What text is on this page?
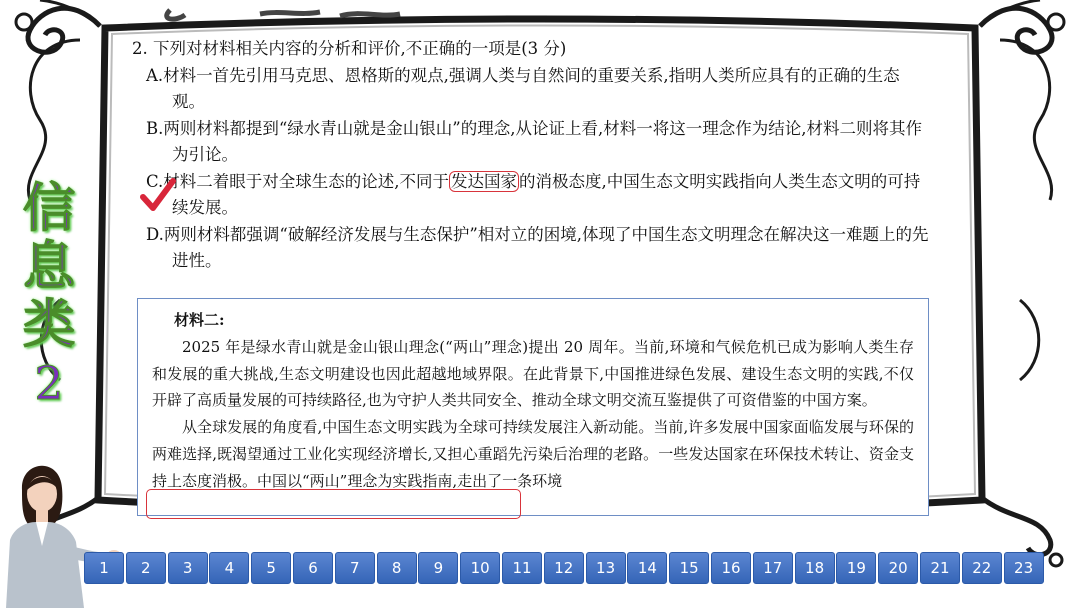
信
息
类
2
2. 下列对材料相关内容的分析和评价,不正确的一项是(3 分)
A.材料一首先引用马克思、恩格斯的观点,强调人类与自然间的重要关系,指明人类所应具有的正确的生态观。
B.两则材料都提到“绿水青山就是金山银山”的理念,从论证上看,材料一将这一理念作为结论,材料二则将其作为引论。
C.材料二着眼于对全球生态的论述,不同于 发达国家 的消极态度,中国生态文明实践指向人类生态文明的可持续发展。
D.两则材料都强调“破解经济发展与生态保护”相对立的困境,体现了中国生态文明理念在解决这一难题上的先进性。
材料二:
2025 年是绿水青山就是金山银山理念(“两山”理念)提出 20 周年。当前,环境和气候危机已成为影响人类生存和发展的重大挑战,生态文明建设也因此超越地域界限。在此背景下,中国推进绿色发展、建设生态文明的实践,不仅开辟了高质量发展的可持续路径,也为守护人类共同安全、推动全球文明交流互鉴提供了可资借鉴的中国方案。
从全球发展的角度看,中国生态文明实践为全球可持续发展注入新动能。当前,许多发展中国家面临发展与环保的两难选择,既渴望通过工业化实现经济增长,又担心重蹈先污染后治理的老路。一些发达国家在环保技术转让、资金支持上态度消极。中国以“两山”理念为实践指南,走出了一条环境
1	2	3	4	5	6	7	8	9	10	11	12	13	14	15	16	17	18	19	20	21	22	23
